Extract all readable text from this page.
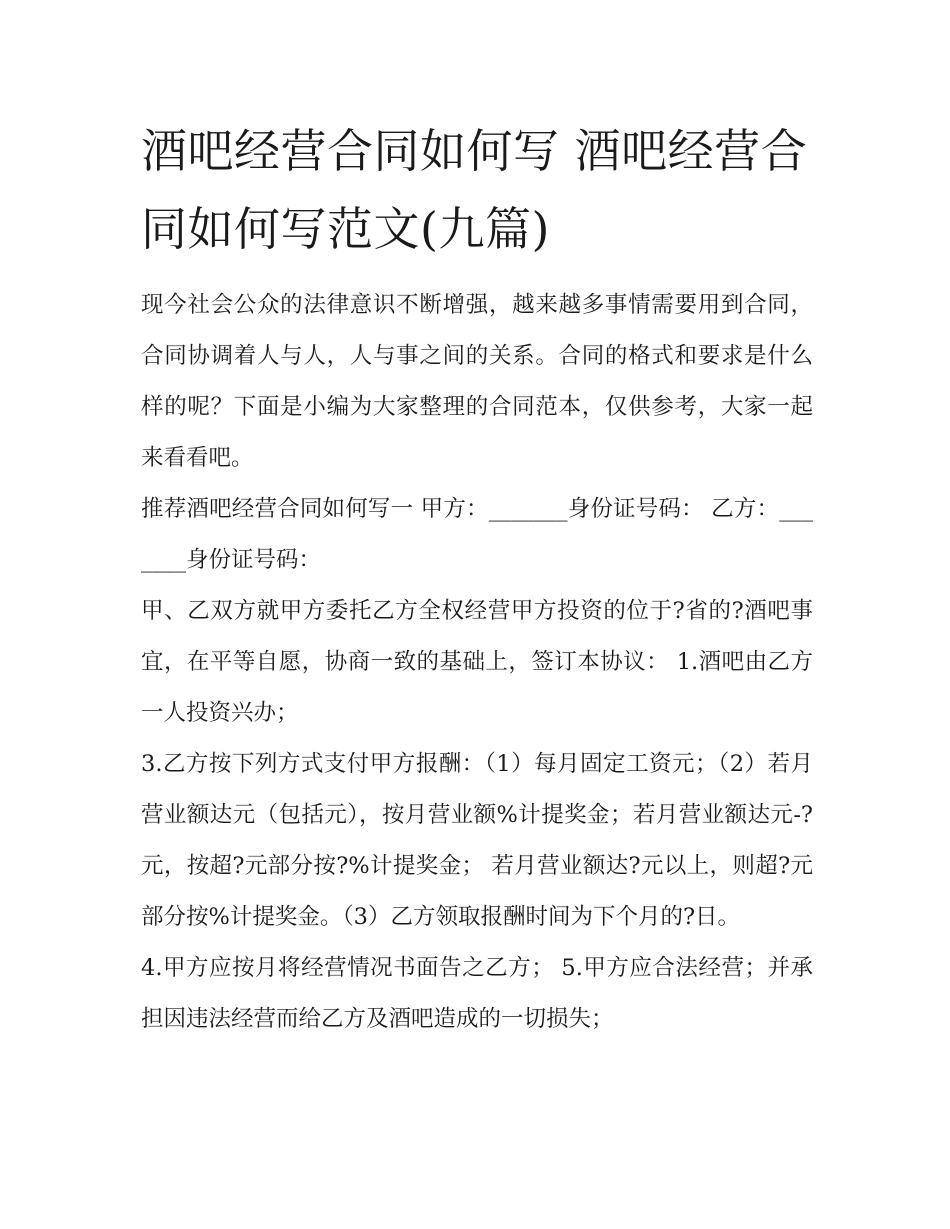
酒吧经营合同如何写 酒吧经营合同如何写范文(九篇)

现今社会公众的法律意识不断增强，越来越多事情需要用到合同，合同协调着人与人，人与事之间的关系。合同的格式和要求是什么样的呢？下面是小编为大家整理的合同范本，仅供参考，大家一起来看看吧。

推荐酒吧经营合同如何写一 甲方：_______身份证号码： 乙方：_______身份证号码：

甲、乙双方就甲方委托乙方全权经营甲方投资的位于?省的?酒吧事宜，在平等自愿，协商一致的基础上，签订本协议： 1.酒吧由乙方一人投资兴办；

3.乙方按下列方式支付甲方报酬：（1）每月固定工资元；（2）若月营业额达元（包括元），按月营业额%计提奖金；若月营业额达元-?元，按超?元部分按?%计提奖金； 若月营业额达?元以上，则超?元部分按%计提奖金。（3）乙方领取报酬时间为下个月的?日。

4.甲方应按月将经营情况书面告之乙方； 5.甲方应合法经营；并承担因违法经营而给乙方及酒吧造成的一切损失；
